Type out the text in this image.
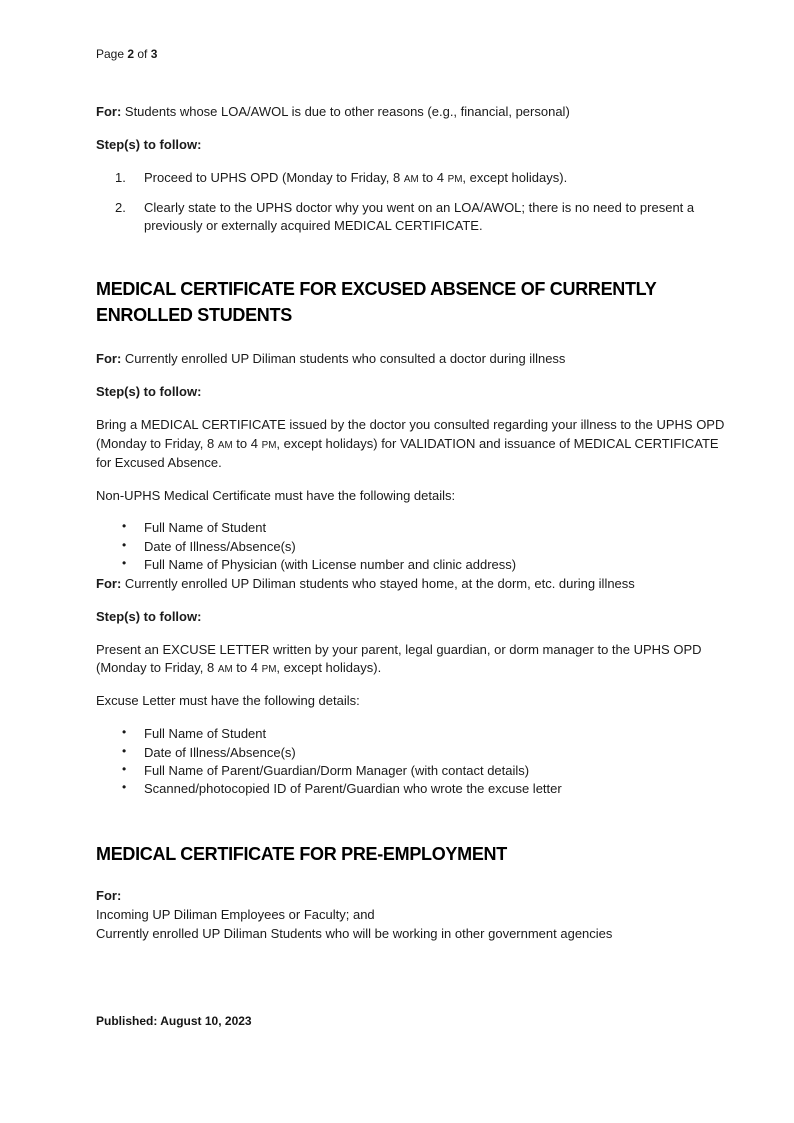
Page 2 of 3

For: Students whose LOA/AWOL is due to other reasons (e.g., financial, personal)

Step(s) to follow:

1. Proceed to UPHS OPD (Monday to Friday, 8 AM to 4 PM, except holidays).
2. Clearly state to the UPHS doctor why you went on an LOA/AWOL; there is no need to present a previously or externally acquired MEDICAL CERTIFICATE.
MEDICAL CERTIFICATE FOR EXCUSED ABSENCE OF CURRENTLY ENROLLED STUDENTS

For: Currently enrolled UP Diliman students who consulted a doctor during illness

Step(s) to follow:

Bring a MEDICAL CERTIFICATE issued by the doctor you consulted regarding your illness to the UPHS OPD (Monday to Friday, 8 AM to 4 PM, except holidays) for VALIDATION and issuance of MEDICAL CERTIFICATE for Excused Absence.

Non-UPHS Medical Certificate must have the following details:

• Full Name of Student
• Date of Illness/Absence(s)
• Full Name of Physician (with License number and clinic address)

For: Currently enrolled UP Diliman students who stayed home, at the dorm, etc. during illness

Step(s) to follow:

Present an EXCUSE LETTER written by your parent, legal guardian, or dorm manager to the UPHS OPD (Monday to Friday, 8 AM to 4 PM, except holidays).

Excuse Letter must have the following details:

• Full Name of Student
• Date of Illness/Absence(s)
• Full Name of Parent/Guardian/Dorm Manager (with contact details)
• Scanned/photocopied ID of Parent/Guardian who wrote the excuse letter
MEDICAL CERTIFICATE FOR PRE-EMPLOYMENT
For:
Incoming UP Diliman Employees or Faculty; and
Currently enrolled UP Diliman Students who will be working in other government agencies
Published: August 10, 2023
